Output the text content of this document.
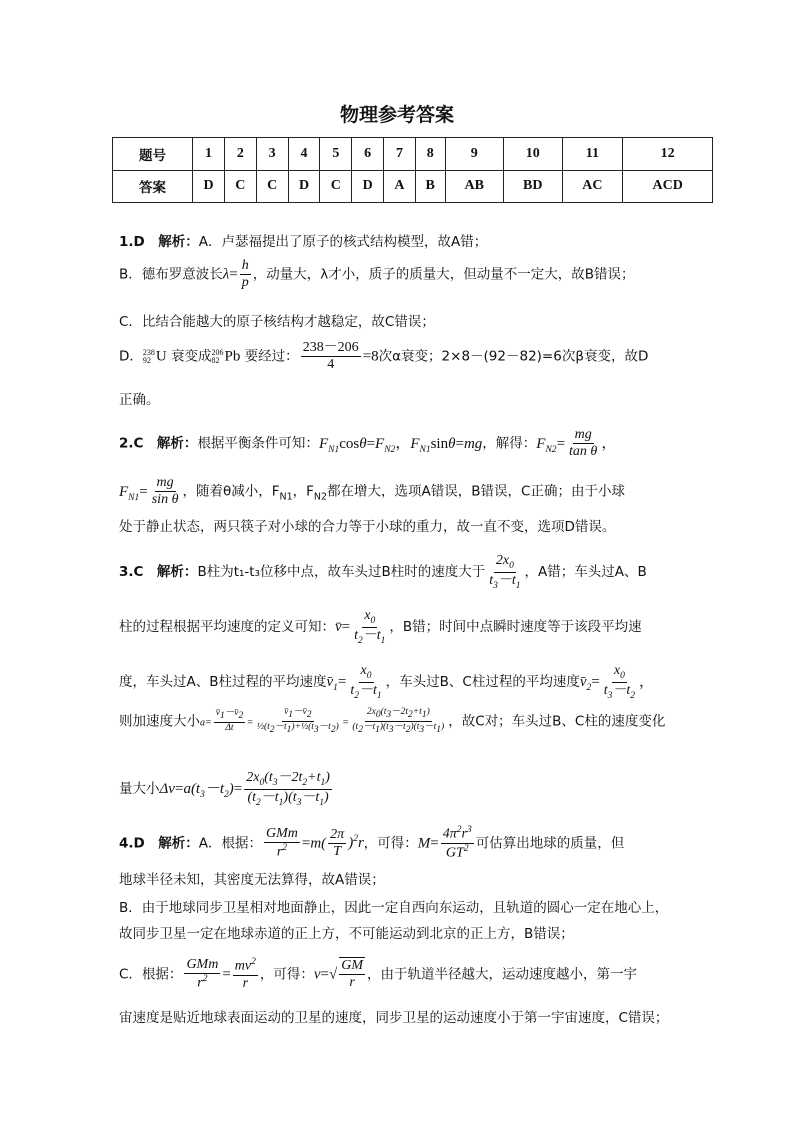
物理参考答案
题号	1	2	3	4	5	6	7	8	9	10	11	12
答案	D	C	C	D	C	D	A	B	AB	BD	AC	ACD
1.D　解析：A．卢瑟福提出了原子的核式结构模型，故A错；
B．德布罗意波长$\lambda= \frac{h}{p}$ ，动量大，λ才小，质子的质量大，但动量不一定大，故B错误；
C．比结合能越大的原子核结构才越稳定，故C错误；
D． 238
92 U 衰变成 206
82 Pb 要经过： $\frac{238-206}{4} =8$次α衰变；2×8－(92－82)=6次β衰变，故D
正确。
2.C　解析：根据平衡条件可知：$F_{N1}\cos\theta=F_{N2}$，$F_{N1}\sin\theta=mg$，解得：$F_{N2}= \frac{mg}{\text{tan θ}}$ ，
$F_{N1}= \frac{mg}{\text{sin θ}}$ ，随着θ减小，$F_{N1}$，$F_{N2}$都在增大，选项A错误，B错误，C正确；由于小球
处于静止状态，两只筷子对小球的合力等于小球的重力，故一直不变，选项D错误。
3.C　解析：B柱为t₁-t₃位移中点，故车头过B柱时的速度大于 $\frac{2x_0}{t_3-t_1}$ ，A错；车头过A、B
柱的过程根据平均速度的定义可知：v̄= $\frac{x_0}{t_2-t_1}$ ，B错；时间中点瞬时速度等于该段平均速
度，车头过A、B柱过程的平均速度$v̄_1= \frac{x_0}{t_2-t_1}$ ，车头过B、C柱过程的平均速度$v̄_2= \frac{x_0}{t_3-t_2}$ ，
则加速度大小$a= \frac{v̄_1-v̄_2}{\Delta t} = \frac{v̄_1-v̄_2}{\frac{1}{2}(t_2-t_1)+\frac{1}{2}(t_3-t_2)} = \frac{2x_0(t_3-2t_2+t_1)}{(t_2-t_1)(t_3-t_2)(t_3-t_1)}$ ，故C对；车头过B、C柱的速度变化
量大小$\Delta v=a(t_3-t_2)= \frac{2x_0(t_3-2t_2+t_1)}{(t_2-t_1)(t_3-t_1)}$
4.D　解析：A．根据：
GMm
$r^2 =m( \frac{2\pi}{T} )^2r$，可得：$M= \frac{4\pi^2r^3}{GT^2}$ 可估算出地球的质量，但
地球半径未知，其密度无法算得，故A错误；
B．由于地球同步卫星相对地面静止，因此一定自西向东运动，且轨道的圆心一定在地心上，
故同步卫星一定在地球赤道的正上方，不可能运动到北京的正上方，B错误；
C．根据：
GMm
$r^2 = \frac{mv^2}{r}$ ，可得：$v=√ \frac{GM}{r}$ ，由于轨道半径越大，运动速度越小，第一宇
宙速度是贴近地球表面运动的卫星的速度，同步卫星的运动速度小于第一宇宙速度，C错误；
